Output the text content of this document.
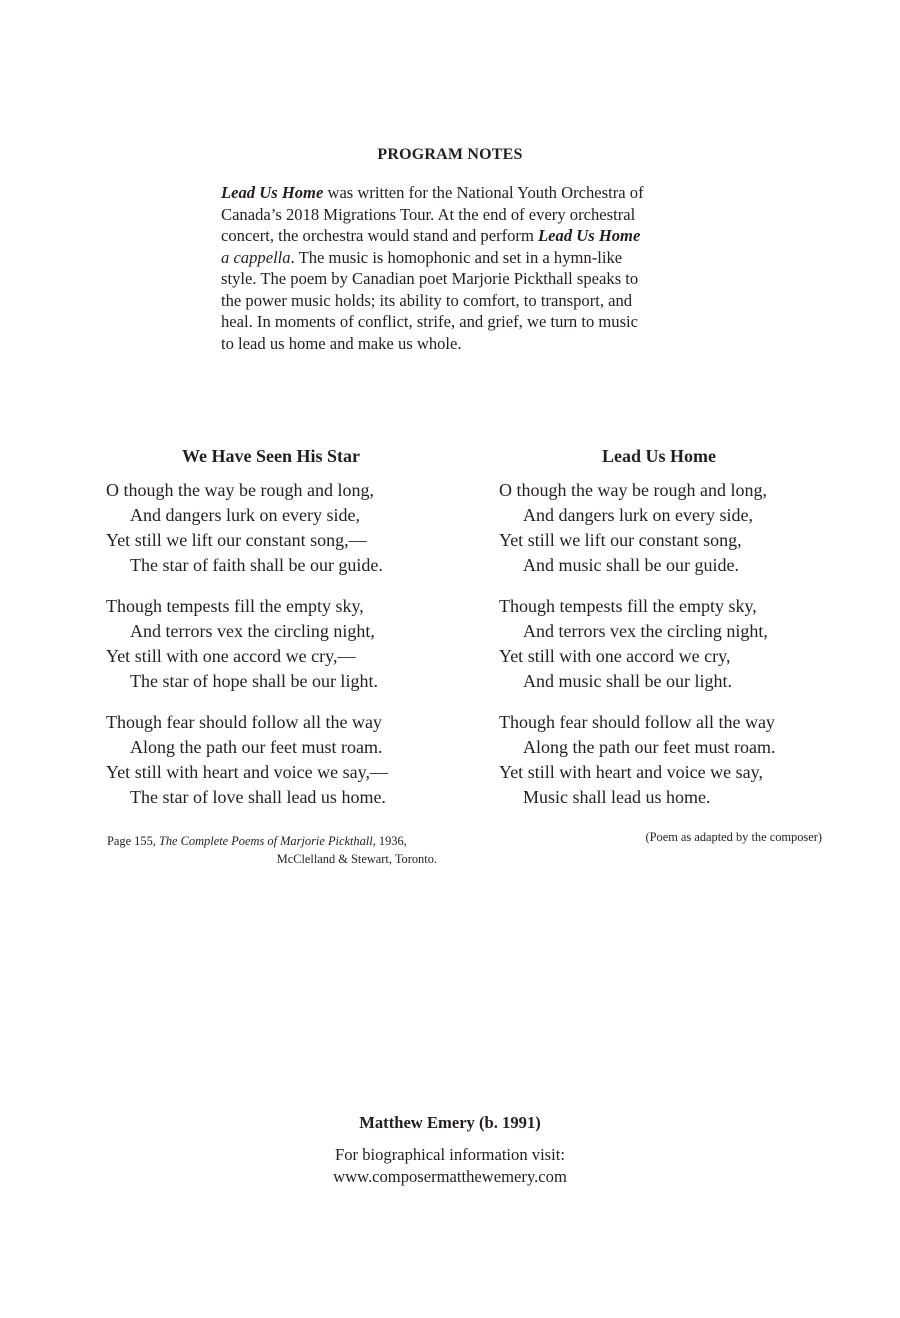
PROGRAM NOTES
Lead Us Home was written for the National Youth Orchestra of
Canada’s 2018 Migrations Tour. At the end of every orchestral
concert, the orchestra would stand and perform Lead Us Home
a cappella. The music is homophonic and set in a hymn-like
style. The poem by Canadian poet Marjorie Pickthall speaks to
the power music holds; its ability to comfort, to transport, and
heal. In moments of conflict, strife, and grief, we turn to music
to lead us home and make us whole.
We Have Seen His Star
O though the way be rough and long,
And dangers lurk on every side,
Yet still we lift our constant song,—
The star of faith shall be our guide.
Though tempests fill the empty sky,
And terrors vex the circling night,
Yet still with one accord we cry,—
The star of hope shall be our light.
Though fear should follow all the way
Along the path our feet must roam.
Yet still with heart and voice we say,—
The star of love shall lead us home.
Lead Us Home
O though the way be rough and long,
And dangers lurk on every side,
Yet still we lift our constant song,
And music shall be our guide.
Though tempests fill the empty sky,
And terrors vex the circling night,
Yet still with one accord we cry,
And music shall be our light.
Though fear should follow all the way
Along the path our feet must roam.
Yet still with heart and voice we say,
Music shall lead us home.
Page 155, The Complete Poems of Marjorie Pickthall, 1936,
McClelland & Stewart, Toronto.
(Poem as adapted by the composer)
Matthew Emery (b. 1991)
For biographical information visit:
www.composermatthewemery.com
